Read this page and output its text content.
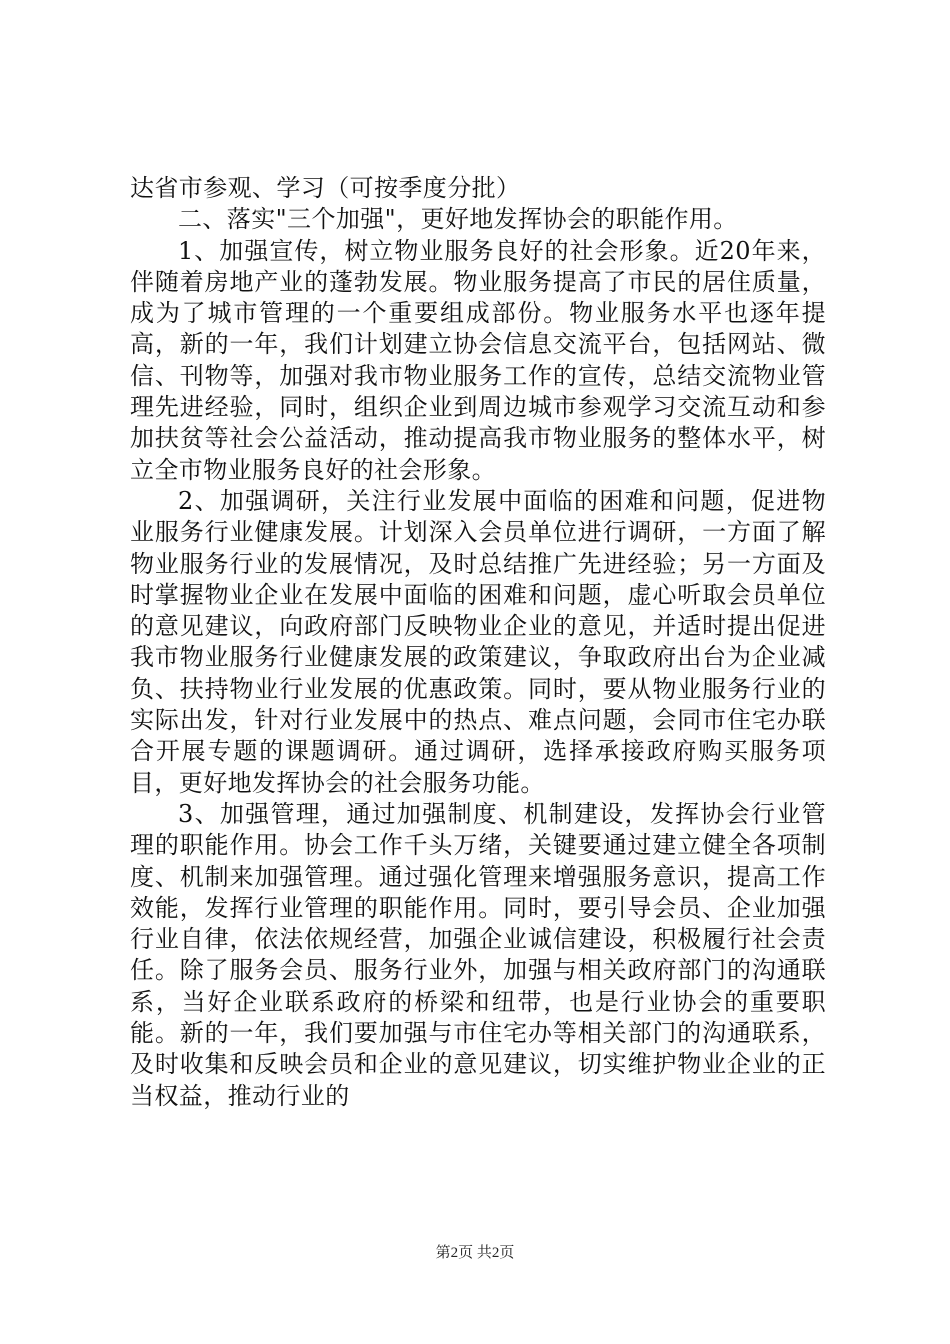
达省市参观、学习（可按季度分批）

二、落实"三个加强"，更好地发挥协会的职能作用。

1、加强宣传，树立物业服务良好的社会形象。近20年来，伴随着房地产业的蓬勃发展。物业服务提高了市民的居住质量，成为了城市管理的一个重要组成部份。物业服务水平也逐年提高，新的一年，我们计划建立协会信息交流平台，包括网站、微信、刊物等，加强对我市物业服务工作的宣传，总结交流物业管理先进经验，同时，组织企业到周边城市参观学习交流互动和参加扶贫等社会公益活动，推动提高我市物业服务的整体水平，树立全市物业服务良好的社会形象。

2、加强调研，关注行业发展中面临的困难和问题，促进物业服务行业健康发展。计划深入会员单位进行调研，一方面了解物业服务行业的发展情况，及时总结推广先进经验；另一方面及时掌握物业企业在发展中面临的困难和问题，虚心听取会员单位的意见建议，向政府部门反映物业企业的意见，并适时提出促进我市物业服务行业健康发展的政策建议，争取政府出台为企业减负、扶持物业行业发展的优惠政策。同时，要从物业服务行业的实际出发，针对行业发展中的热点、难点问题，会同市住宅办联合开展专题的课题调研。通过调研，选择承接政府购买服务项目，更好地发挥协会的社会服务功能。

3、加强管理，通过加强制度、机制建设，发挥协会行业管理的职能作用。协会工作千头万绪，关键要通过建立健全各项制度、机制来加强管理。通过强化管理来增强服务意识，提高工作效能，发挥行业管理的职能作用。同时，要引导会员、企业加强行业自律，依法依规经营，加强企业诚信建设，积极履行社会责任。除了服务会员、服务行业外，加强与相关政府部门的沟通联系，当好企业联系政府的桥梁和纽带，也是行业协会的重要职能。新的一年，我们要加强与市住宅办等相关部门的沟通联系，及时收集和反映会员和企业的意见建议，切实维护物业企业的正当权益，推动行业的

第2页 共2页
